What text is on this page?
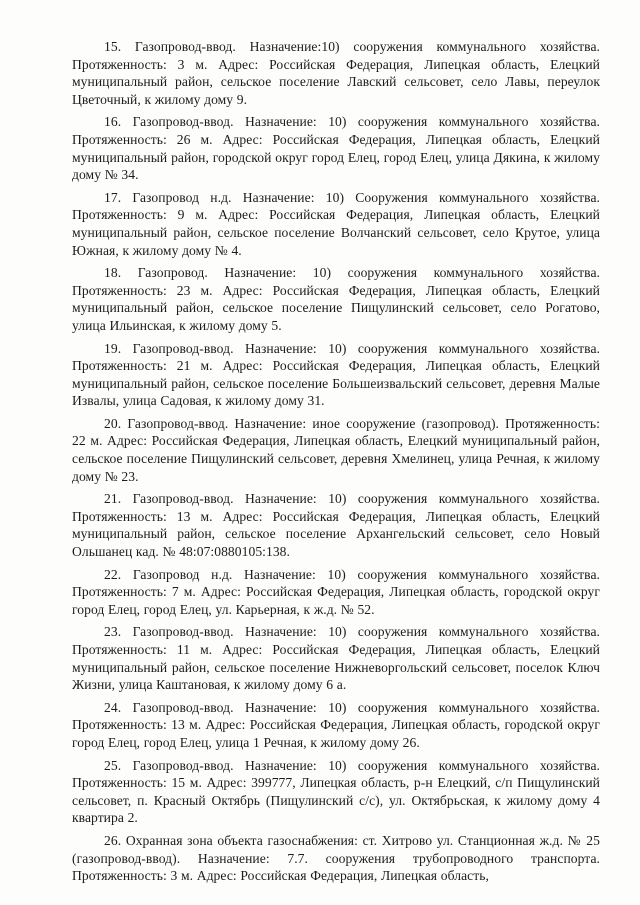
15. Газопровод-ввод. Назначение:10) сооружения коммунального хозяйства. Протяженность: 3 м. Адрес: Российская Федерация, Липецкая область, Елецкий муниципальный район, сельское поселение Лавский сельсовет, село Лавы, переулок Цветочный, к жилому дому 9.

16. Газопровод-ввод. Назначение: 10) сооружения коммунального хозяйства. Протяженность: 26 м. Адрес: Российская Федерация, Липецкая область, Елецкий муниципальный район, городской округ город Елец, город Елец, улица Дякина, к жилому дому № 34.

17. Газопровод н.д. Назначение: 10) Сооружения коммунального хозяйства. Протяженность: 9 м. Адрес: Российская Федерация, Липецкая область, Елецкий муниципальный район, сельское поселение Волчанский сельсовет, село Крутое, улица Южная, к жилому дому № 4.

18. Газопровод. Назначение: 10) сооружения коммунального хозяйства. Протяженность: 23 м. Адрес: Российская Федерация, Липецкая область, Елецкий муниципальный район, сельское поселение Пищулинский сельсовет, село Рогатово, улица Ильинская, к жилому дому 5.

19. Газопровод-ввод. Назначение: 10) сооружения коммунального хозяйства. Протяженность: 21 м. Адрес: Российская Федерация, Липецкая область, Елецкий муниципальный район, сельское поселение Большеизвальский сельсовет, деревня Малые Извалы, улица Садовая, к жилому дому 31.

20. Газопровод-ввод. Назначение: иное сооружение (газопровод). Протяженность: 22 м. Адрес: Российская Федерация, Липецкая область, Елецкий муниципальный район, сельское поселение Пищулинский сельсовет, деревня Хмелинец, улица Речная, к жилому дому № 23.

21. Газопровод-ввод. Назначение: 10) сооружения коммунального хозяйства. Протяженность: 13 м. Адрес: Российская Федерация, Липецкая область, Елецкий муниципальный район, сельское поселение Архангельский сельсовет, село Новый Ольшанец кад. № 48:07:0880105:138.

22. Газопровод н.д. Назначение: 10) сооружения коммунального хозяйства. Протяженность: 7 м. Адрес: Российская Федерация, Липецкая область, городской округ город Елец, город Елец, ул. Карьерная, к ж.д. № 52.

23. Газопровод-ввод. Назначение: 10) сооружения коммунального хозяйства. Протяженность: 11 м. Адрес: Российская Федерация, Липецкая область, Елецкий муниципальный район, сельское поселение Нижневоргольский сельсовет, поселок Ключ Жизни, улица Каштановая, к жилому дому 6 а.

24. Газопровод-ввод. Назначение: 10) сооружения коммунального хозяйства. Протяженность: 13 м. Адрес: Российская Федерация, Липецкая область, городской округ город Елец, город Елец, улица 1 Речная, к жилому дому 26.

25. Газопровод-ввод. Назначение: 10) сооружения коммунального хозяйства. Протяженность: 15 м. Адрес: 399777, Липецкая область, р-н Елецкий, с/п Пищулинский сельсовет, п. Красный Октябрь (Пищулинский с/с), ул. Октябрьская, к жилому дому 4 квартира 2.

26. Охранная зона объекта газоснабжения: ст. Хитрово ул. Станционная ж.д. № 25 (газопровод-ввод). Назначение: 7.7. сооружения трубопроводного транспорта. Протяженность: 3 м. Адрес: Российская Федерация, Липецкая область,
